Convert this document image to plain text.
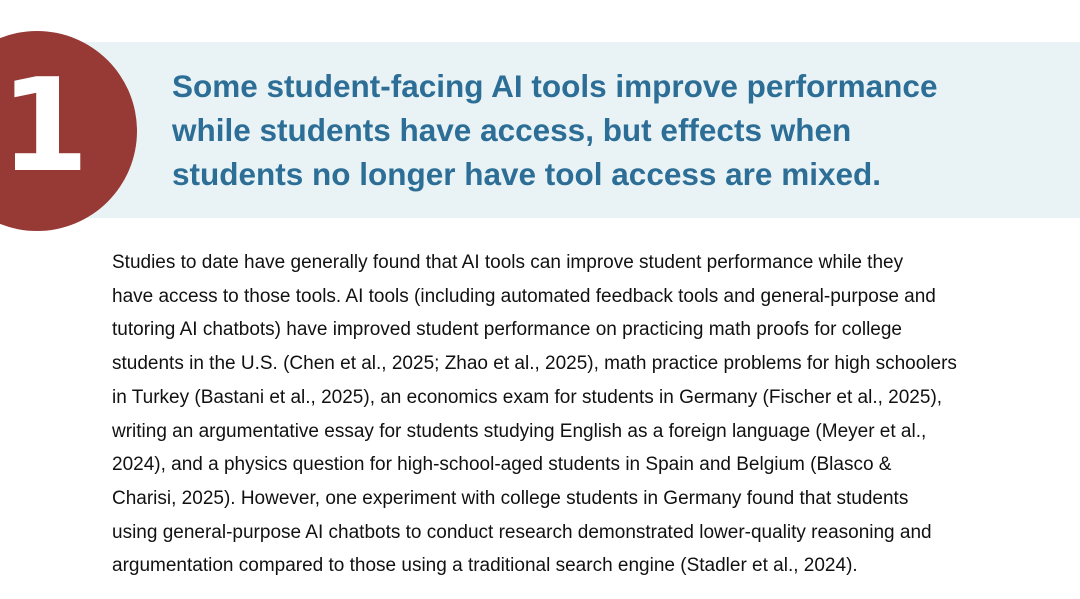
1	Some student-facing AI tools improve performance
while students have access, but effects when
students no longer have tool access are mixed.

Studies to date have generally found that AI tools can improve student performance while they
have access to those tools. AI tools (including automated feedback tools and general-purpose and
tutoring AI chatbots) have improved student performance on practicing math proofs for college
students in the U.S. (Chen et al., 2025; Zhao et al., 2025), math practice problems for high schoolers
in Turkey (Bastani et al., 2025), an economics exam for students in Germany (Fischer et al., 2025),
writing an argumentative essay for students studying English as a foreign language (Meyer et al.,
2024), and a physics question for high-school-aged students in Spain and Belgium (Blasco &
Charisi, 2025). However, one experiment with college students in Germany found that students
using general-purpose AI chatbots to conduct research demonstrated lower-quality reasoning and
argumentation compared to those using a traditional search engine (Stadler et al., 2024).
